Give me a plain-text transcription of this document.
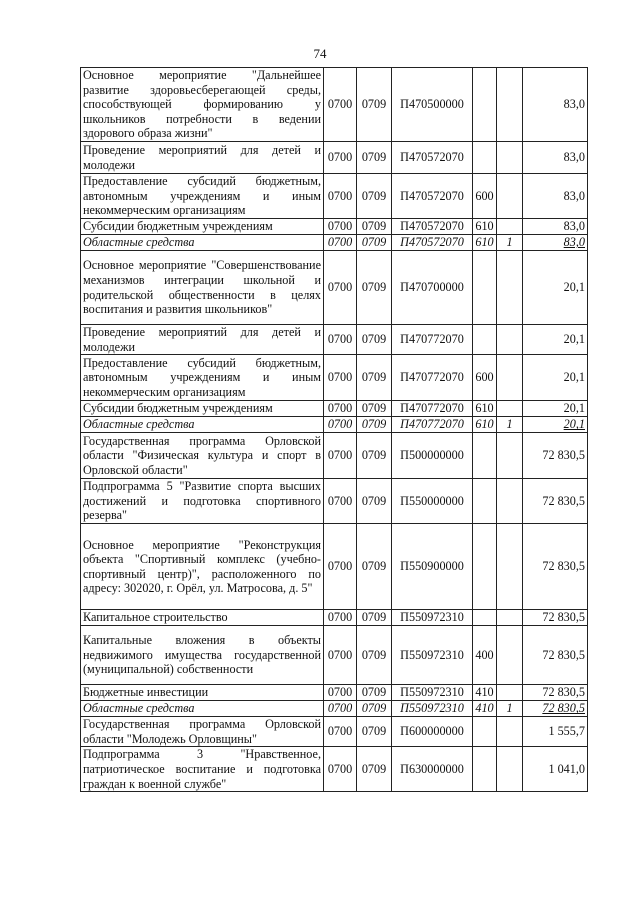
74
Основное мероприятие "Дальнейшее развитие здоровьесберегающей среды, способствующей формированию у школьников потребности в ведении здорового образа жизни"	0700	0709	П470500000			83,0
Проведение мероприятий для детей и молодежи	0700	0709	П470572070			83,0
Предоставление субсидий бюджетным, автономным учреждениям и иным некоммерческим организациям	0700	0709	П470572070	600		83,0
Субсидии бюджетным учреждениям	0700	0709	П470572070	610		83,0
Областные средства	0700	0709	П470572070	610	1	83,0
Основное мероприятие "Совершенствование механизмов интеграции школьной и родительской общественности в целях воспитания и развития школьников"	0700	0709	П470700000			20,1
Проведение мероприятий для детей и молодежи	0700	0709	П470772070			20,1
Предоставление субсидий бюджетным, автономным учреждениям и иным некоммерческим организациям	0700	0709	П470772070	600		20,1
Субсидии бюджетным учреждениям	0700	0709	П470772070	610		20,1
Областные средства	0700	0709	П470772070	610	1	20,1
Государственная программа Орловской области "Физическая культура и спорт в Орловской области"	0700	0709	П500000000			72 830,5
Подпрограмма 5 "Развитие спорта высших достижений и подготовка спортивного резерва"	0700	0709	П550000000			72 830,5
Основное мероприятие "Реконструкция объекта "Спортивный комплекс (учебно-спортивный центр)", расположенного по адресу: 302020, г. Орёл, ул. Матросова, д. 5"	0700	0709	П550900000			72 830,5
Капитальное строительство	0700	0709	П550972310			72 830,5
Капитальные вложения в объекты недвижимого имущества государственной (муниципальной) собственности	0700	0709	П550972310	400		72 830,5
Бюджетные инвестиции	0700	0709	П550972310	410		72 830,5
Областные средства	0700	0709	П550972310	410	1	72 830,5
Государственная программа Орловской области "Молодежь Орловщины"	0700	0709	П600000000			1 555,7
Подпрограмма 3 "Нравственное, патриотическое воспитание и подготовка граждан к военной службе"	0700	0709	П630000000			1 041,0
